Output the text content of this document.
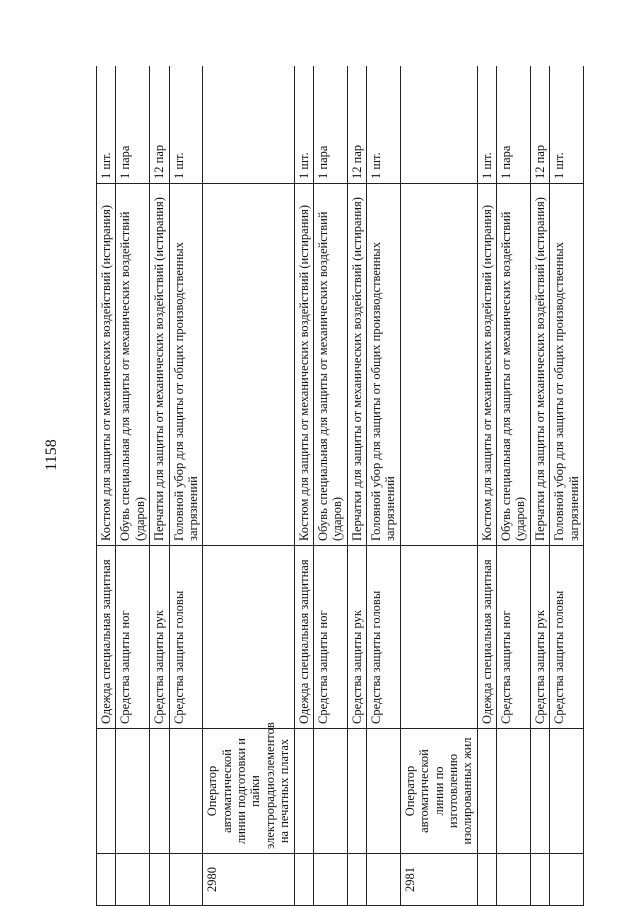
1158
		Одежда специальная защитная	Костюм для защиты от механических воздействий (истирания)	1 шт.
		Средства защиты ног	Обувь специальная для защиты от механических воздействий (ударов)	1 пара
		Средства защиты рук	Перчатки для защиты от механических воздействий (истирания)	12 пар
		Средства защиты головы	Головной убор для защиты от общих производственных загрязнений	1 шт.
2980	Оператор автоматической линии подготовки и пайки электрорадиоэлементов на печатных платах			
		Одежда специальная защитная	Костюм для защиты от механических воздействий (истирания)	1 шт.
		Средства защиты ног	Обувь специальная для защиты от механических воздействий (ударов)	1 пара
		Средства защиты рук	Перчатки для защиты от механических воздействий (истирания)	12 пар
		Средства защиты головы	Головной убор для защиты от общих производственных загрязнений	1 шт.
2981	Оператор автоматической линии по изготовлению изолированных жил			
		Одежда специальная защитная	Костюм для защиты от механических воздействий (истирания)	1 шт.
		Средства защиты ног	Обувь специальная для защиты от механических воздействий (ударов)	1 пара
		Средства защиты рук	Перчатки для защиты от механических воздействий (истирания)	12 пар
		Средства защиты головы	Головной убор для защиты от общих производственных загрязнений	1 шт.
